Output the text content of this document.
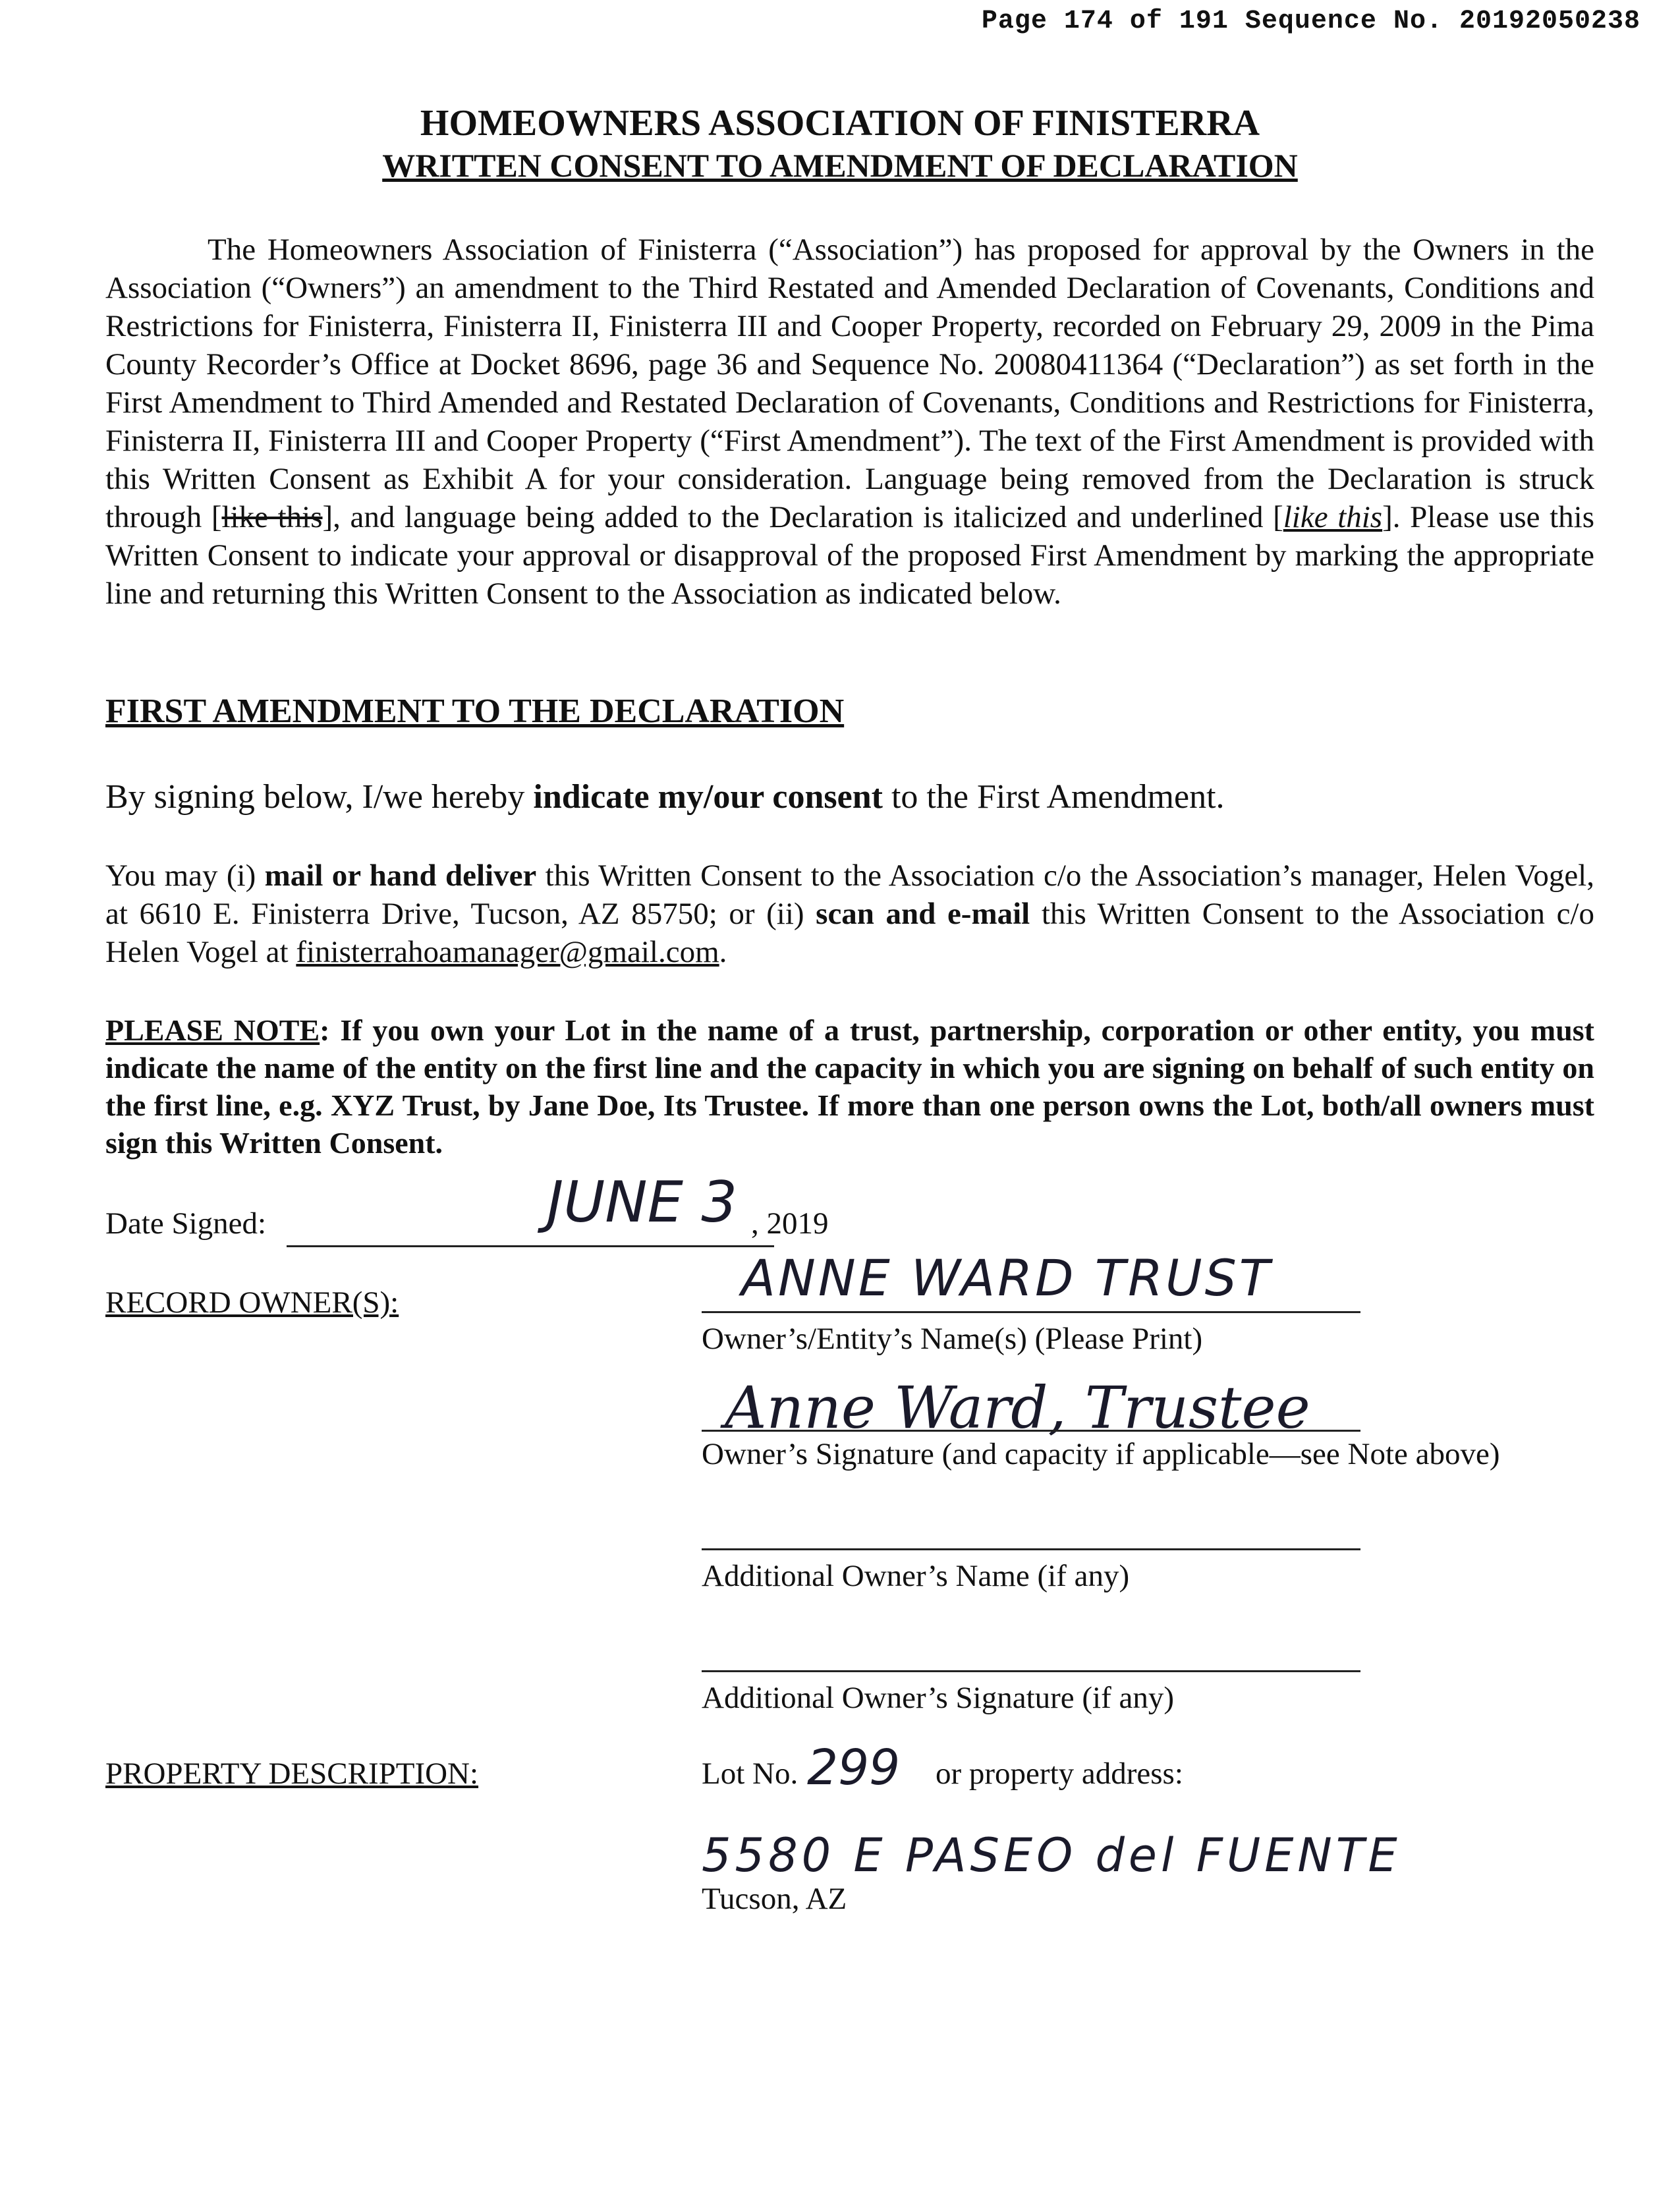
Page 174 of 191 Sequence No. 20192050238
HOMEOWNERS ASSOCIATION OF FINISTERRA
WRITTEN CONSENT TO AMENDMENT OF DECLARATION

The Homeowners Association of Finisterra (“Association”) has proposed for approval by the Owners in the Association (“Owners”) an amendment to the Third Restated and Amended Declaration of Covenants, Conditions and Restrictions for Finisterra, Finisterra II, Finisterra III and Cooper Property, recorded on February 29, 2009 in the Pima County Recorder’s Office at Docket 8696, page 36 and Sequence No. 20080411364 (“Declaration”) as set forth in the First Amendment to Third Amended and Restated Declaration of Covenants, Conditions and Restrictions for Finisterra, Finisterra II, Finisterra III and Cooper Property (“First Amendment”). The text of the First Amendment is provided with this Written Consent as Exhibit A for your consideration. Language being removed from the Declaration is struck through [like this], and language being added to the Declaration is italicized and underlined [like this]. Please use this Written Consent to indicate your approval or disapproval of the proposed First Amendment by marking the appropriate line and returning this Written Consent to the Association as indicated below.

FIRST AMENDMENT TO THE DECLARATION
By signing below, I/we hereby indicate my/our consent to the First Amendment.
You may (i) mail or hand deliver this Written Consent to the Association c/o the Association’s manager, Helen Vogel, at 6610 E. Finisterra Drive, Tucson, AZ 85750; or (ii) scan and e-mail this Written Consent to the Association c/o Helen Vogel at finisterrahoamanager@gmail.com.
PLEASE NOTE: If you own your Lot in the name of a trust, partnership, corporation or other entity, you must indicate the name of the entity on the first line and the capacity in which you are signing on behalf of such entity on the first line, e.g. XYZ Trust, by Jane Doe, Its Trustee. If more than one person owns the Lot, both/all owners must sign this Written Consent.
Date Signed:	JUNE 3 , 2019
RECORD OWNER(S):	ANNE WARD TRUST
Owner’s/Entity’s Name(s) (Please Print)
Anne Ward, Trustee
Owner’s Signature (and capacity if applicable—see Note above)
Additional Owner’s Name (if any)
Additional Owner’s Signature (if any)
PROPERTY DESCRIPTION:	Lot No. 299 or property address:
5580 E PASEO del FUENTE
Tucson, AZ
